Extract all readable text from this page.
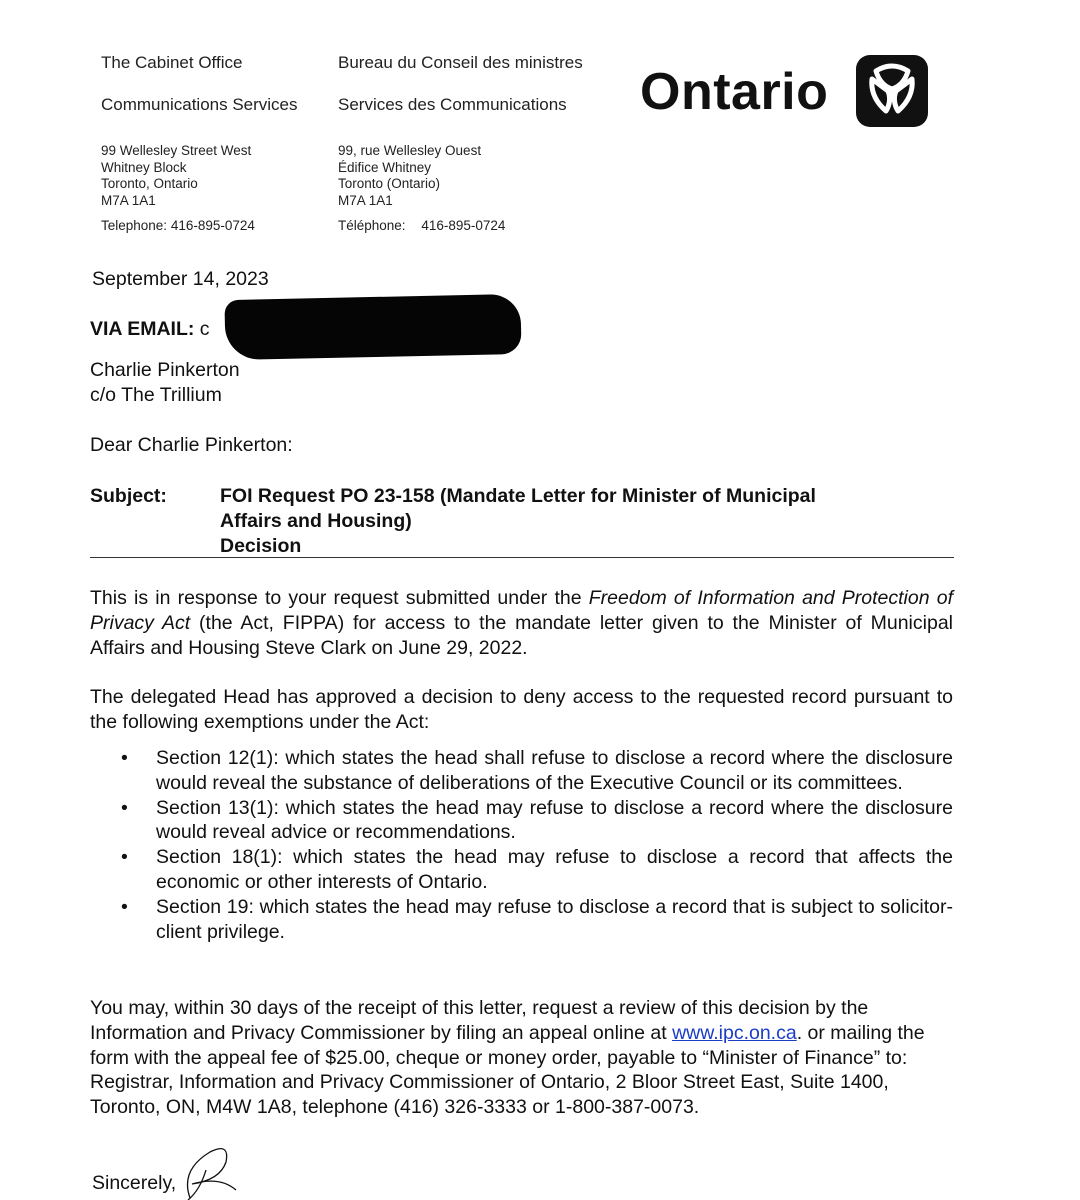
The Cabinet Office
Communications Services
99 Wellesley Street West
Whitney Block
Toronto, Ontario
M7A 1A1
Telephone: 416-895-0724
Bureau du Conseil des ministres
Services des Communications
99, rue Wellesley Ouest
Édifice Whitney
Toronto (Ontario)
M7A 1A1
Téléphone: 416-895-0724
Ontario
September 14, 2023
VIA EMAIL: c
Charlie Pinkerton
c/o The Trillium
Dear Charlie Pinkerton:
Subject:	FOI Request PO 23-158 (Mandate Letter for Minister of Municipal
Affairs and Housing)
Decision
This is in response to your request submitted under the Freedom of Information and Protection of Privacy Act (the Act, FIPPA) for access to the mandate letter given to the Minister of Municipal Affairs and Housing Steve Clark on June 29, 2022.
The delegated Head has approved a decision to deny access to the requested record pursuant to the following exemptions under the Act:
• Section 12(1): which states the head shall refuse to disclose a record where the disclosure would reveal the substance of deliberations of the Executive Council or its committees.
• Section 13(1): which states the head may refuse to disclose a record where the disclosure would reveal advice or recommendations.
• Section 18(1): which states the head may refuse to disclose a record that affects the economic or other interests of Ontario.
• Section 19: which states the head may refuse to disclose a record that is subject to solicitor-client privilege.
You may, within 30 days of the receipt of this letter, request a review of this decision by the Information and Privacy Commissioner by filing an appeal online at www.ipc.on.ca. or mailing the form with the appeal fee of $25.00, cheque or money order, payable to “Minister of Finance” to: Registrar, Information and Privacy Commissioner of Ontario, 2 Bloor Street East, Suite 1400, Toronto, ON, M4W 1A8, telephone (416) 326-3333 or 1-800-387-0073.
Sincerely,
